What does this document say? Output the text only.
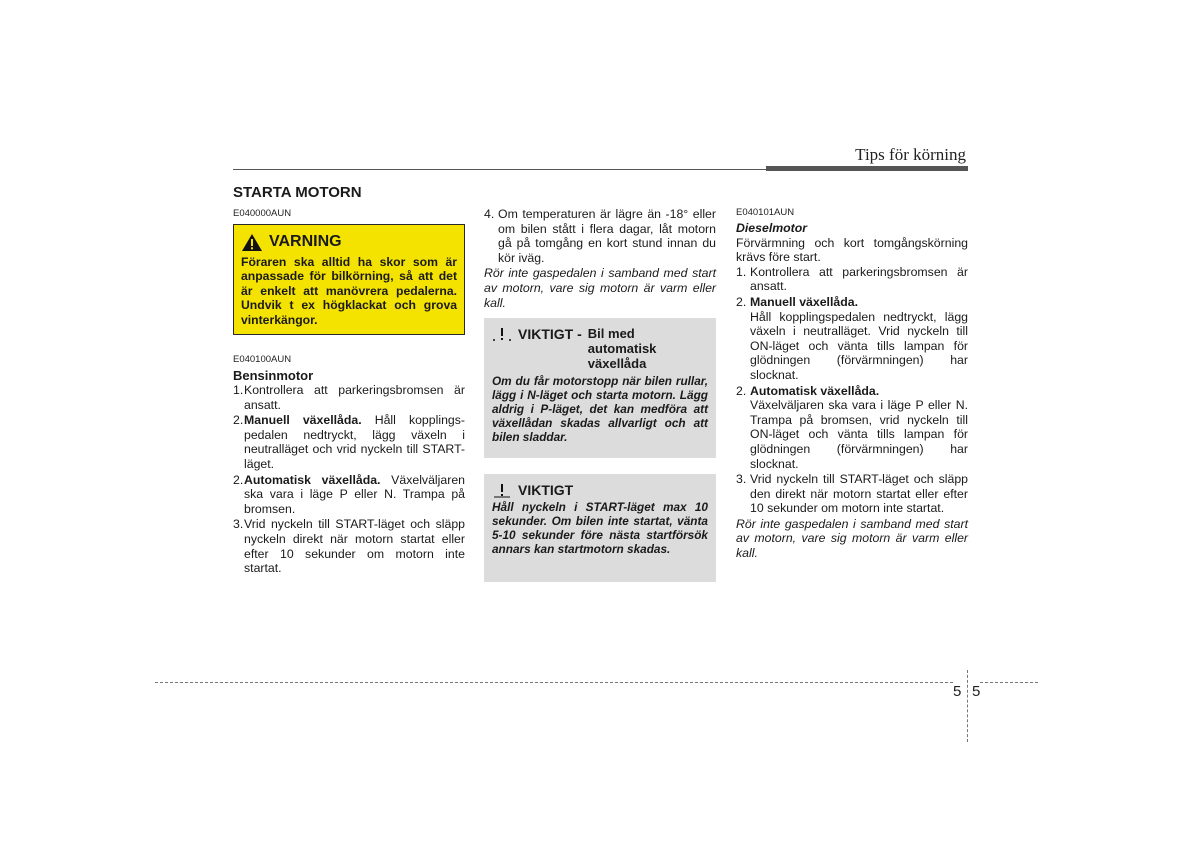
Tips för körning

STARTA MOTORN

E040000AUN

VARNING

Föraren ska alltid ha skor som är anpassade för bilkörning, så att det är enkelt att manövrera pedalerna. Undvik t ex högklackat och grova vinterkängor.

E040100AUN

Bensinmotor

1. Kontrollera att parkeringsbromsen är ansatt.
2. Manuell växellåda. Håll kopplings-pedalen nedtryckt, lägg växeln i neutralläget och vrid nyckeln till START-läget.
2. Automatisk växellåda. Växelväljaren ska vara i läge P eller N. Trampa på bromsen.
3. Vrid nyckeln till START-läget och släpp nyckeln direkt när motorn startat eller efter 10 sekunder om motorn inte startat.
4. Om temperaturen är lägre än -18° eller om bilen stått i flera dagar, låt motorn gå på tomgång en kort stund innan du kör iväg.

Rör inte gaspedalen i samband med start av motorn, vare sig motorn är varm eller kall.

VIKTIGT - Bil med automatisk växellåda

Om du får motorstopp när bilen rullar, lägg i N-läget och starta motorn. Lägg aldrig i P-läget, det kan medföra att växellådan skadas allvarligt och att bilen sladdar.

VIKTIGT

Håll nyckeln i START-läget max 10 sekunder. Om bilen inte startat, vänta 5-10 sekunder före nästa startförsök annars kan startmotorn skadas.

E040101AUN

Dieselmotor

Förvärmning och kort tomgångskörning krävs före start.

1. Kontrollera att parkeringsbromsen är ansatt.
2. Manuell växellåda.
Håll kopplingspedalen nedtryckt, lägg växeln i neutralläget. Vrid nyckeln till ON-läget och vänta tills lampan för glödningen (förvärmningen) har slocknat.
2. Automatisk växellåda.
Växelväljaren ska vara i läge P eller N. Trampa på bromsen, vrid nyckeln till ON-läget och vänta tills lampan för glödningen (förvärmningen) har slocknat.
3. Vrid nyckeln till START-läget och släpp den direkt när motorn startat eller efter 10 sekunder om motorn inte startat.

Rör inte gaspedalen i samband med start av motorn, vare sig motorn är varm eller kall.

5 5
